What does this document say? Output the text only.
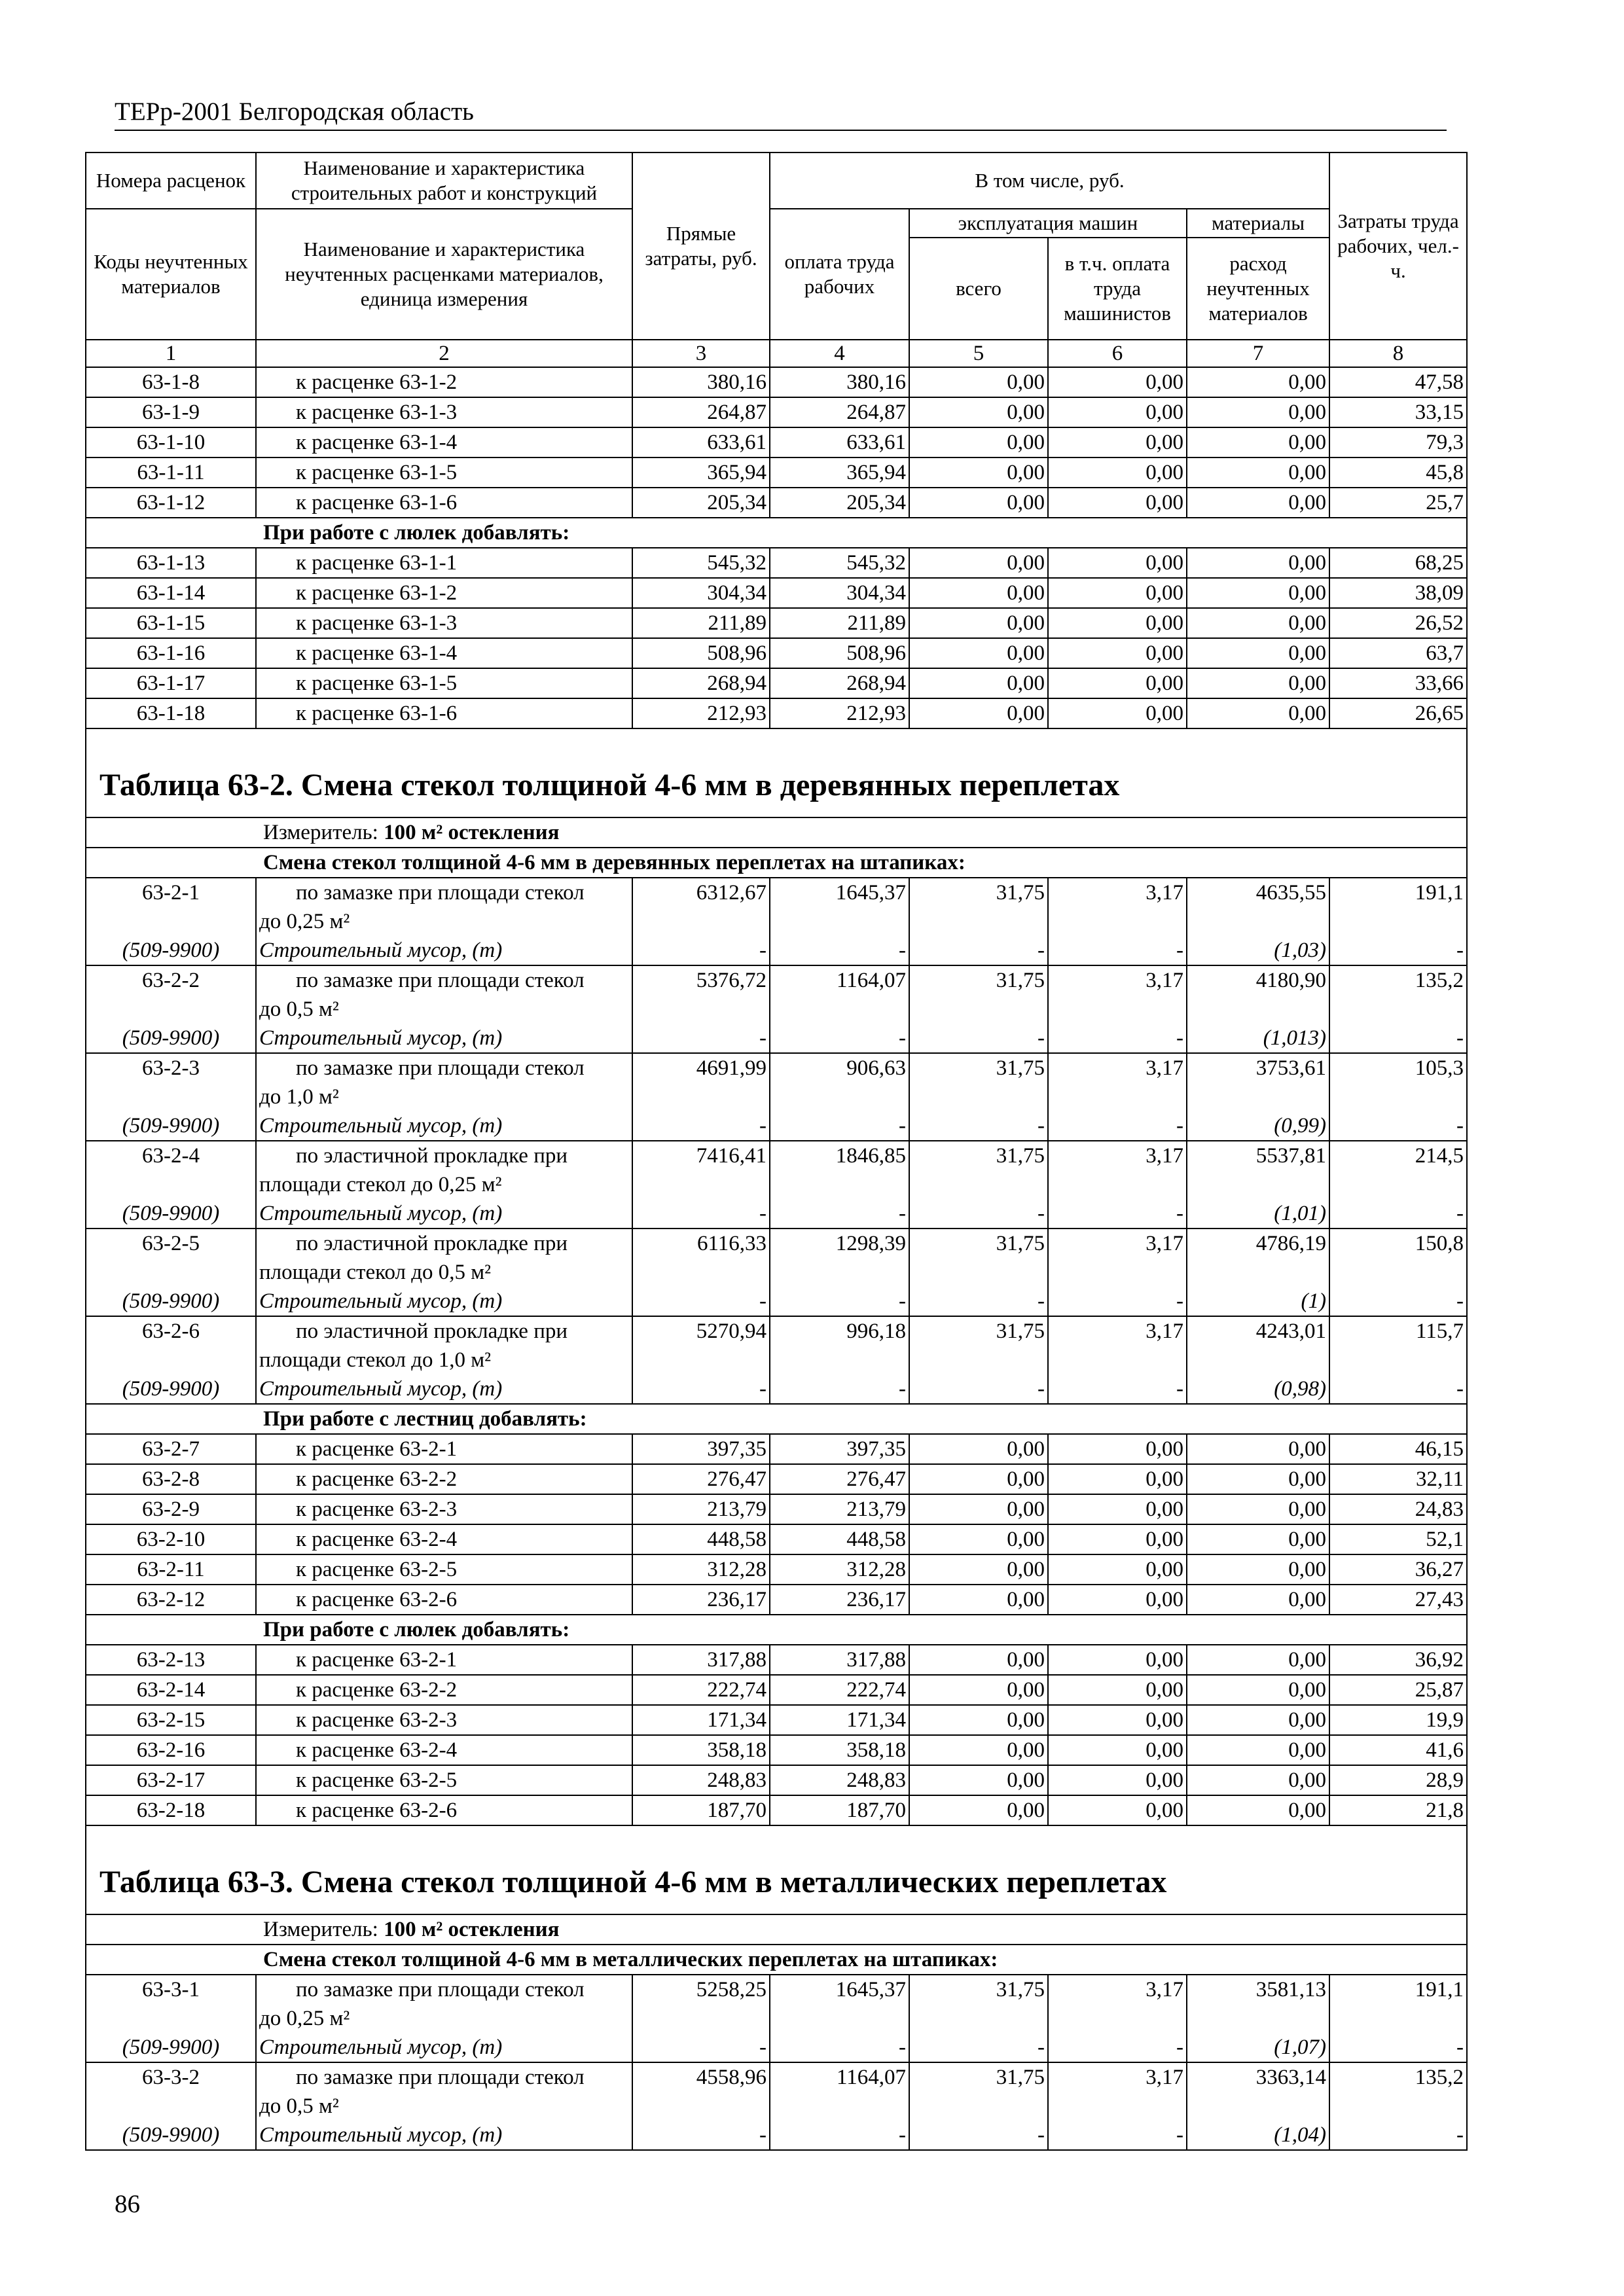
ТЕРр-2001 Белгородская область
Номера расценок	Наименование и характеристика строительных работ и конструкций	Прямые затраты, руб.	В том числе, руб.				Затраты труда рабочих, чел.-ч.
Коды неучтенных материалов	Наименование и характеристика неучтенных расценками материалов, единица измерения		оплата труда рабочих	эксплуатация машин		материалы	
				всего	в т.ч. оплата труда машинистов	расход неучтенных материалов	
1	2	3	4	5	6	7	8
63-1-8	к расценке 63-1-2	380,16	380,16	0,00	0,00	0,00	47,58
63-1-9	к расценке 63-1-3	264,87	264,87	0,00	0,00	0,00	33,15
63-1-10	к расценке 63-1-4	633,61	633,61	0,00	0,00	0,00	79,3
63-1-11	к расценке 63-1-5	365,94	365,94	0,00	0,00	0,00	45,8
63-1-12	к расценке 63-1-6	205,34	205,34	0,00	0,00	0,00	25,7
При работе с люлек добавлять:							
63-1-13	к расценке 63-1-1	545,32	545,32	0,00	0,00	0,00	68,25
63-1-14	к расценке 63-1-2	304,34	304,34	0,00	0,00	0,00	38,09
63-1-15	к расценке 63-1-3	211,89	211,89	0,00	0,00	0,00	26,52
63-1-16	к расценке 63-1-4	508,96	508,96	0,00	0,00	0,00	63,7
63-1-17	к расценке 63-1-5	268,94	268,94	0,00	0,00	0,00	33,66
63-1-18	к расценке 63-1-6	212,93	212,93	0,00	0,00	0,00	26,65
Таблица 63-2. Смена стекол толщиной 4-6 мм в деревянных переплетах							
Измеритель: 100 м² остекления							
Смена стекол толщиной 4-6 мм в деревянных переплетах на штапиках:							
63-2-1	по замазке при площади стекол	6312,67	1645,37	31,75	3,17	4635,55	191,1
	до 0,25 м²						
(509-9900)	Строительный мусор, (т)	-	-	-	-	(1,03)	-
63-2-2	по замазке при площади стекол	5376,72	1164,07	31,75	3,17	4180,90	135,2
	до 0,5 м²						
(509-9900)	Строительный мусор, (т)	-	-	-	-	(1,013)	-
63-2-3	по замазке при площади стекол	4691,99	906,63	31,75	3,17	3753,61	105,3
	до 1,0 м²						
(509-9900)	Строительный мусор, (т)	-	-	-	-	(0,99)	-
63-2-4	по эластичной прокладке при	7416,41	1846,85	31,75	3,17	5537,81	214,5
	площади стекол до 0,25 м²						
(509-9900)	Строительный мусор, (т)	-	-	-	-	(1,01)	-
63-2-5	по эластичной прокладке при	6116,33	1298,39	31,75	3,17	4786,19	150,8
	площади стекол до 0,5 м²						
(509-9900)	Строительный мусор, (т)	-	-	-	-	(1)	-
63-2-6	по эластичной прокладке при	5270,94	996,18	31,75	3,17	4243,01	115,7
	площади стекол до 1,0 м²						
(509-9900)	Строительный мусор, (т)	-	-	-	-	(0,98)	-
При работе с лестниц добавлять:							
63-2-7	к расценке 63-2-1	397,35	397,35	0,00	0,00	0,00	46,15
63-2-8	к расценке 63-2-2	276,47	276,47	0,00	0,00	0,00	32,11
63-2-9	к расценке 63-2-3	213,79	213,79	0,00	0,00	0,00	24,83
63-2-10	к расценке 63-2-4	448,58	448,58	0,00	0,00	0,00	52,1
63-2-11	к расценке 63-2-5	312,28	312,28	0,00	0,00	0,00	36,27
63-2-12	к расценке 63-2-6	236,17	236,17	0,00	0,00	0,00	27,43
При работе с люлек добавлять:							
63-2-13	к расценке 63-2-1	317,88	317,88	0,00	0,00	0,00	36,92
63-2-14	к расценке 63-2-2	222,74	222,74	0,00	0,00	0,00	25,87
63-2-15	к расценке 63-2-3	171,34	171,34	0,00	0,00	0,00	19,9
63-2-16	к расценке 63-2-4	358,18	358,18	0,00	0,00	0,00	41,6
63-2-17	к расценке 63-2-5	248,83	248,83	0,00	0,00	0,00	28,9
63-2-18	к расценке 63-2-6	187,70	187,70	0,00	0,00	0,00	21,8
Таблица 63-3. Смена стекол толщиной 4-6 мм в металлических переплетах							
Измеритель: 100 м² остекления							
Смена стекол толщиной 4-6 мм в металлических переплетах на штапиках:							
63-3-1	по замазке при площади стекол	5258,25	1645,37	31,75	3,17	3581,13	191,1
	до 0,25 м²						
(509-9900)	Строительный мусор, (т)	-	-	-	-	(1,07)	-
63-3-2	по замазке при площади стекол	4558,96	1164,07	31,75	3,17	3363,14	135,2
	до 0,5 м²						
(509-9900)	Строительный мусор, (т)	-	-	-	-	(1,04)	-
86
